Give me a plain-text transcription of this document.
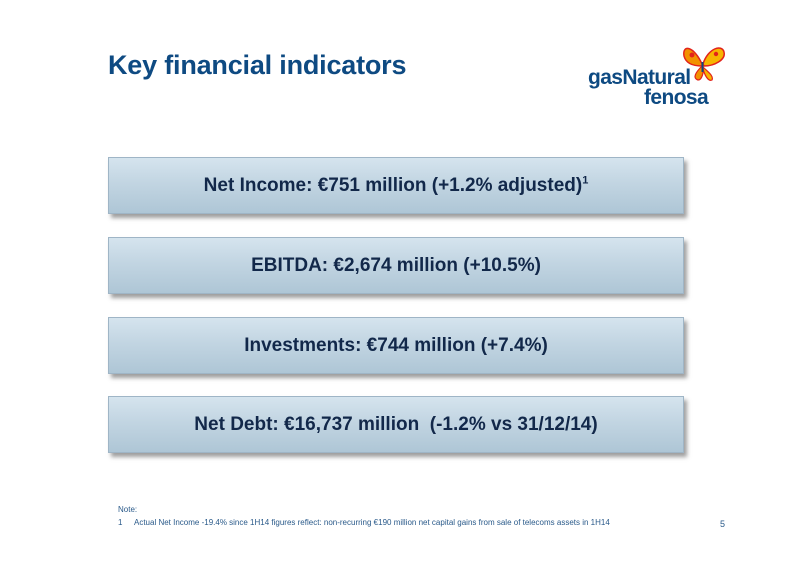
Key financial indicators	gasNatural
fenosa
Net Income: €751 million (+1.2% adjusted)$^1$
EBITDA: €2,674 million (+10.5%)
Investments: €744 million (+7.4%)
Net Debt: €16,737 million  (-1.2% vs 31/12/14)
Note:
1 Actual Net Income -19.4% since 1H14 figures reflect: non-recurring €190 million net capital gains from sale of telecoms assets in 1H14	5
